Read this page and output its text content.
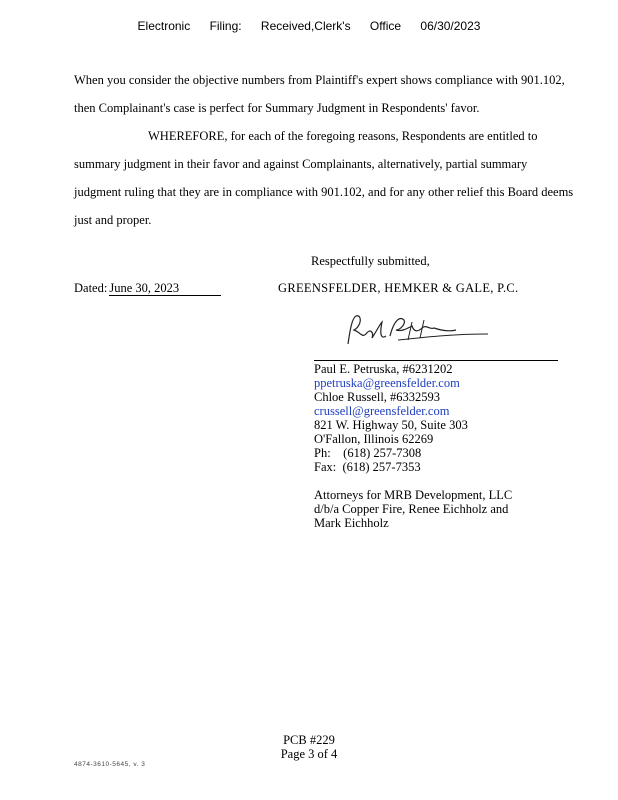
Electronic Filing: Received,Clerk's Office 06/30/2023

When you consider the objective numbers from Plaintiff's expert shows compliance with 901.102, then Complainant's case is perfect for Summary Judgment in Respondents' favor.

WHEREFORE, for each of the foregoing reasons, Respondents are entitled to summary judgment in their favor and against Complainants, alternatively, partial summary judgment ruling that they are in compliance with 901.102, and for any other relief this Board deems just and proper.

Respectfully submitted,
Dated: June 30, 2023	GREENSFELDER, HEMKER & GALE, P.C.
Paul E. Petruska, #6231202
ppetruska@greensfelder.com
Chloe Russell, #6332593
crussell@greensfelder.com
821 W. Highway 50, Suite 303
O'Fallon, Illinois 62269
Ph:    (618) 257-7308
Fax:  (618) 257-7353
Attorneys for MRB Development, LLC
d/b/a Copper Fire, Renee Eichholz and
Mark Eichholz
PCB #229
Page 3 of 4
4874-3610-5645, v. 3
